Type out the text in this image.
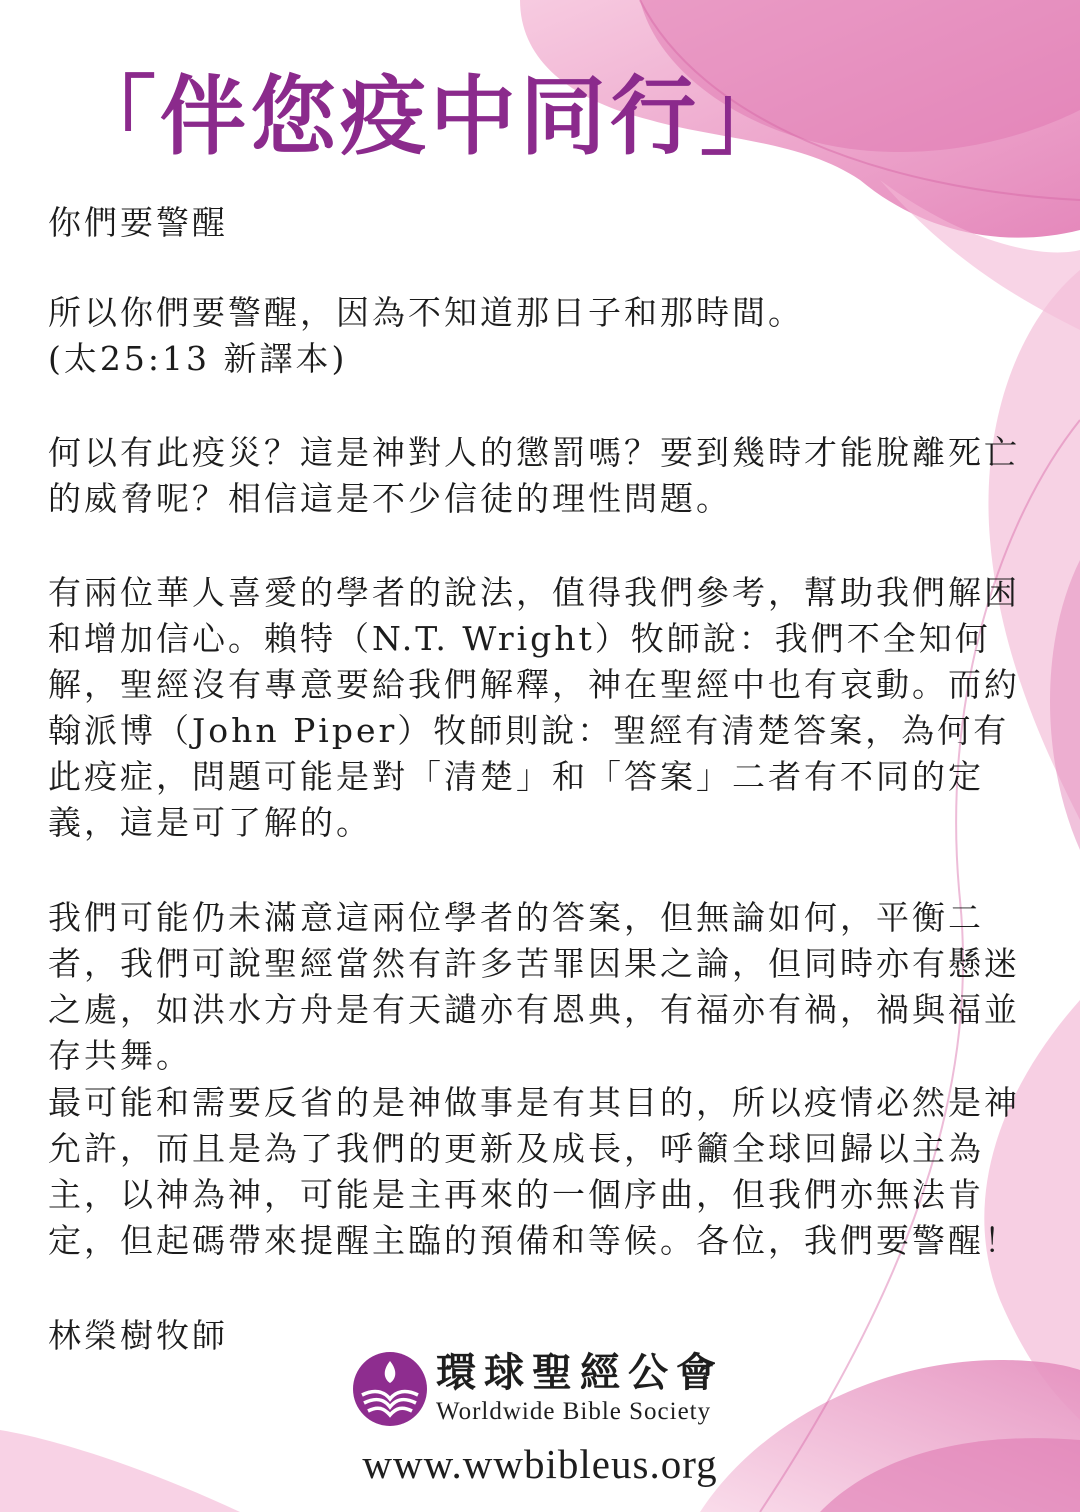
「伴您疫中同行」

你們要警醒

所以你們要警醒，因為不知道那日子和那時間。

(太25:13 新譯本)

何以有此疫災？這是神對人的懲罰嗎？要到幾時才能脫離死亡的威脅呢？相信這是不少信徒的理性問題。

有兩位華人喜愛的學者的說法，值得我們參考，幫助我們解困和增加信心。賴特（N.T. Wright）牧師說：我們不全知何解，聖經沒有專意要給我們解釋，神在聖經中也有哀動。而約翰派博（John Piper）牧師則說：聖經有清楚答案，為何有此疫症，問題可能是對「清楚」和「答案」二者有不同的定義，這是可了解的。

我們可能仍未滿意這兩位學者的答案，但無論如何，平衡二者，我們可說聖經當然有許多苦罪因果之論，但同時亦有懸迷之處，如洪水方舟是有天譴亦有恩典，有福亦有禍，禍與福並存共舞。

最可能和需要反省的是神做事是有其目的，所以疫情必然是神允許，而且是為了我們的更新及成長，呼籲全球回歸以主為主，以神為神，可能是主再來的一個序曲，但我們亦無法肯定，但起碼帶來提醒主臨的預備和等候。各位，我們要警醒！

林榮樹牧師

環球聖經公會
Worldwide Bible Society
www.wwbibleus.org
